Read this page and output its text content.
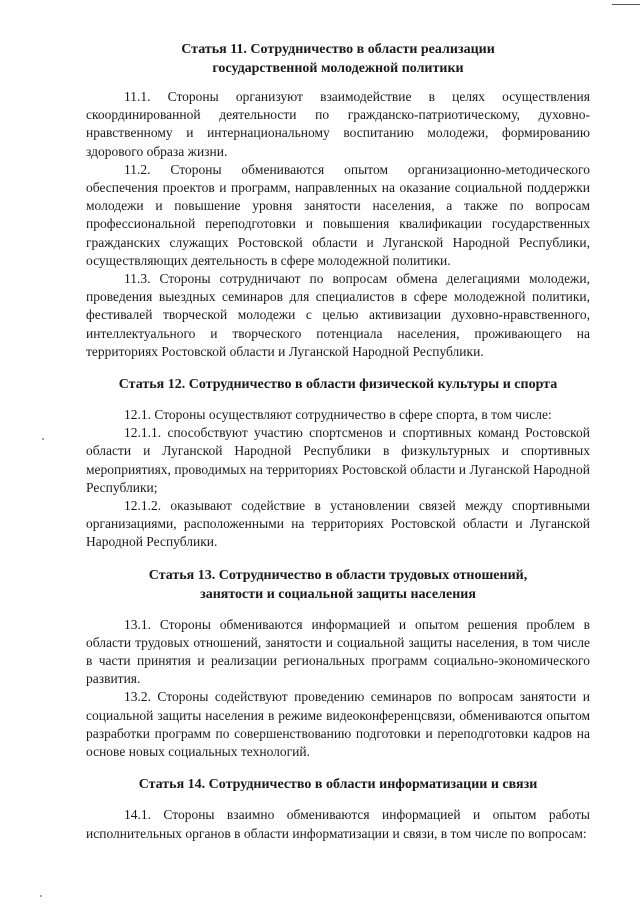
Статья 11. Сотрудничество в области реализации
государственной молодежной политики

11.1. Стороны организуют взаимодействие в целях осуществления скоординированной деятельности по гражданско-патриотическому, духовно-нравственному и интернациональному воспитанию молодежи, формированию здорового образа жизни.

11.2. Стороны обмениваются опытом организационно-методического обеспечения проектов и программ, направленных на оказание социальной поддержки молодежи и повышение уровня занятости населения, а также по вопросам профессиональной переподготовки и повышения квалификации государственных гражданских служащих Ростовской области и Луганской Народной Республики, осуществляющих деятельность в сфере молодежной политики.

11.3. Стороны сотрудничают по вопросам обмена делегациями молодежи, проведения выездных семинаров для специалистов в сфере молодежной политики, фестивалей творческой молодежи с целью активизации духовно-нравственного, интеллектуального и творческого потенциала населения, проживающего на территориях Ростовской области и Луганской Народной Республики.

Статья 12. Сотрудничество в области физической культуры и спорта

12.1. Стороны осуществляют сотрудничество в сфере спорта, в том числе:

12.1.1. способствуют участию спортсменов и спортивных команд Ростовской области и Луганской Народной Республики в физкультурных и спортивных мероприятиях, проводимых на территориях Ростовской области и Луганской Народной Республики;

12.1.2. оказывают содействие в установлении связей между спортивными организациями, расположенными на территориях Ростовской области и Луганской Народной Республики.

Статья 13. Сотрудничество в области трудовых отношений,
занятости и социальной защиты населения

13.1. Стороны обмениваются информацией и опытом решения проблем в области трудовых отношений, занятости и социальной защиты населения, в том числе в части принятия и реализации региональных программ социально-экономического развития.

13.2. Стороны содействуют проведению семинаров по вопросам занятости и социальной защиты населения в режиме видеоконференцсвязи, обмениваются опытом разработки программ по совершенствованию подготовки и переподготовки кадров на основе новых социальных технологий.

Статья 14. Сотрудничество в области информатизации и связи

14.1. Стороны взаимно обмениваются информацией и опытом работы исполнительных органов в области информатизации и связи, в том числе по вопросам:
